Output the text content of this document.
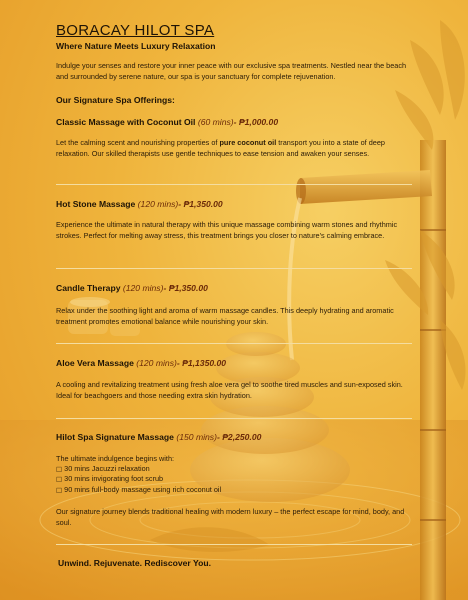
BORACAY HILOT SPA

Where Nature Meets Luxury Relaxation

Indulge your senses and restore your inner peace with our exclusive spa treatments. Nestled near the beach and surrounded by serene nature, our spa is your sanctuary for complete rejuvenation.

Our Signature Spa Offerings:

Classic Massage with Coconut Oil (60 mins)- ₱1,000.00

Let the calming scent and nourishing properties of pure coconut oil transport you into a state of deep relaxation. Our skilled therapists use gentle techniques to ease tension and awaken your senses.

Hot Stone Massage (120 mins)- ₱1,350.00

Experience the ultimate in natural therapy with this unique massage combining warm stones and rhythmic strokes. Perfect for melting away stress, this treatment brings you closer to nature's calming embrace.

Candle Therapy (120 mins)- ₱1,350.00

Relax under the soothing light and aroma of warm massage candles. This deeply hydrating and aromatic treatment promotes emotional balance while nourishing your skin.

Aloe Vera Massage (120 mins)- ₱1,1350.00

A cooling and revitalizing treatment using fresh aloe vera gel to soothe tired muscles and sun-exposed skin. Ideal for beachgoers and those needing extra skin hydration.

Hilot Spa Signature Massage (150 mins)- ₱2,250.00

The ultimate indulgence begins with:

□ 30 mins Jacuzzi relaxation
□ 30 mins invigorating foot scrub
□ 90 mins full-body massage using rich coconut oil

Our signature journey blends traditional healing with modern luxury – the perfect escape for mind, body, and soul.

Unwind. Rejuvenate. Rediscover You.
